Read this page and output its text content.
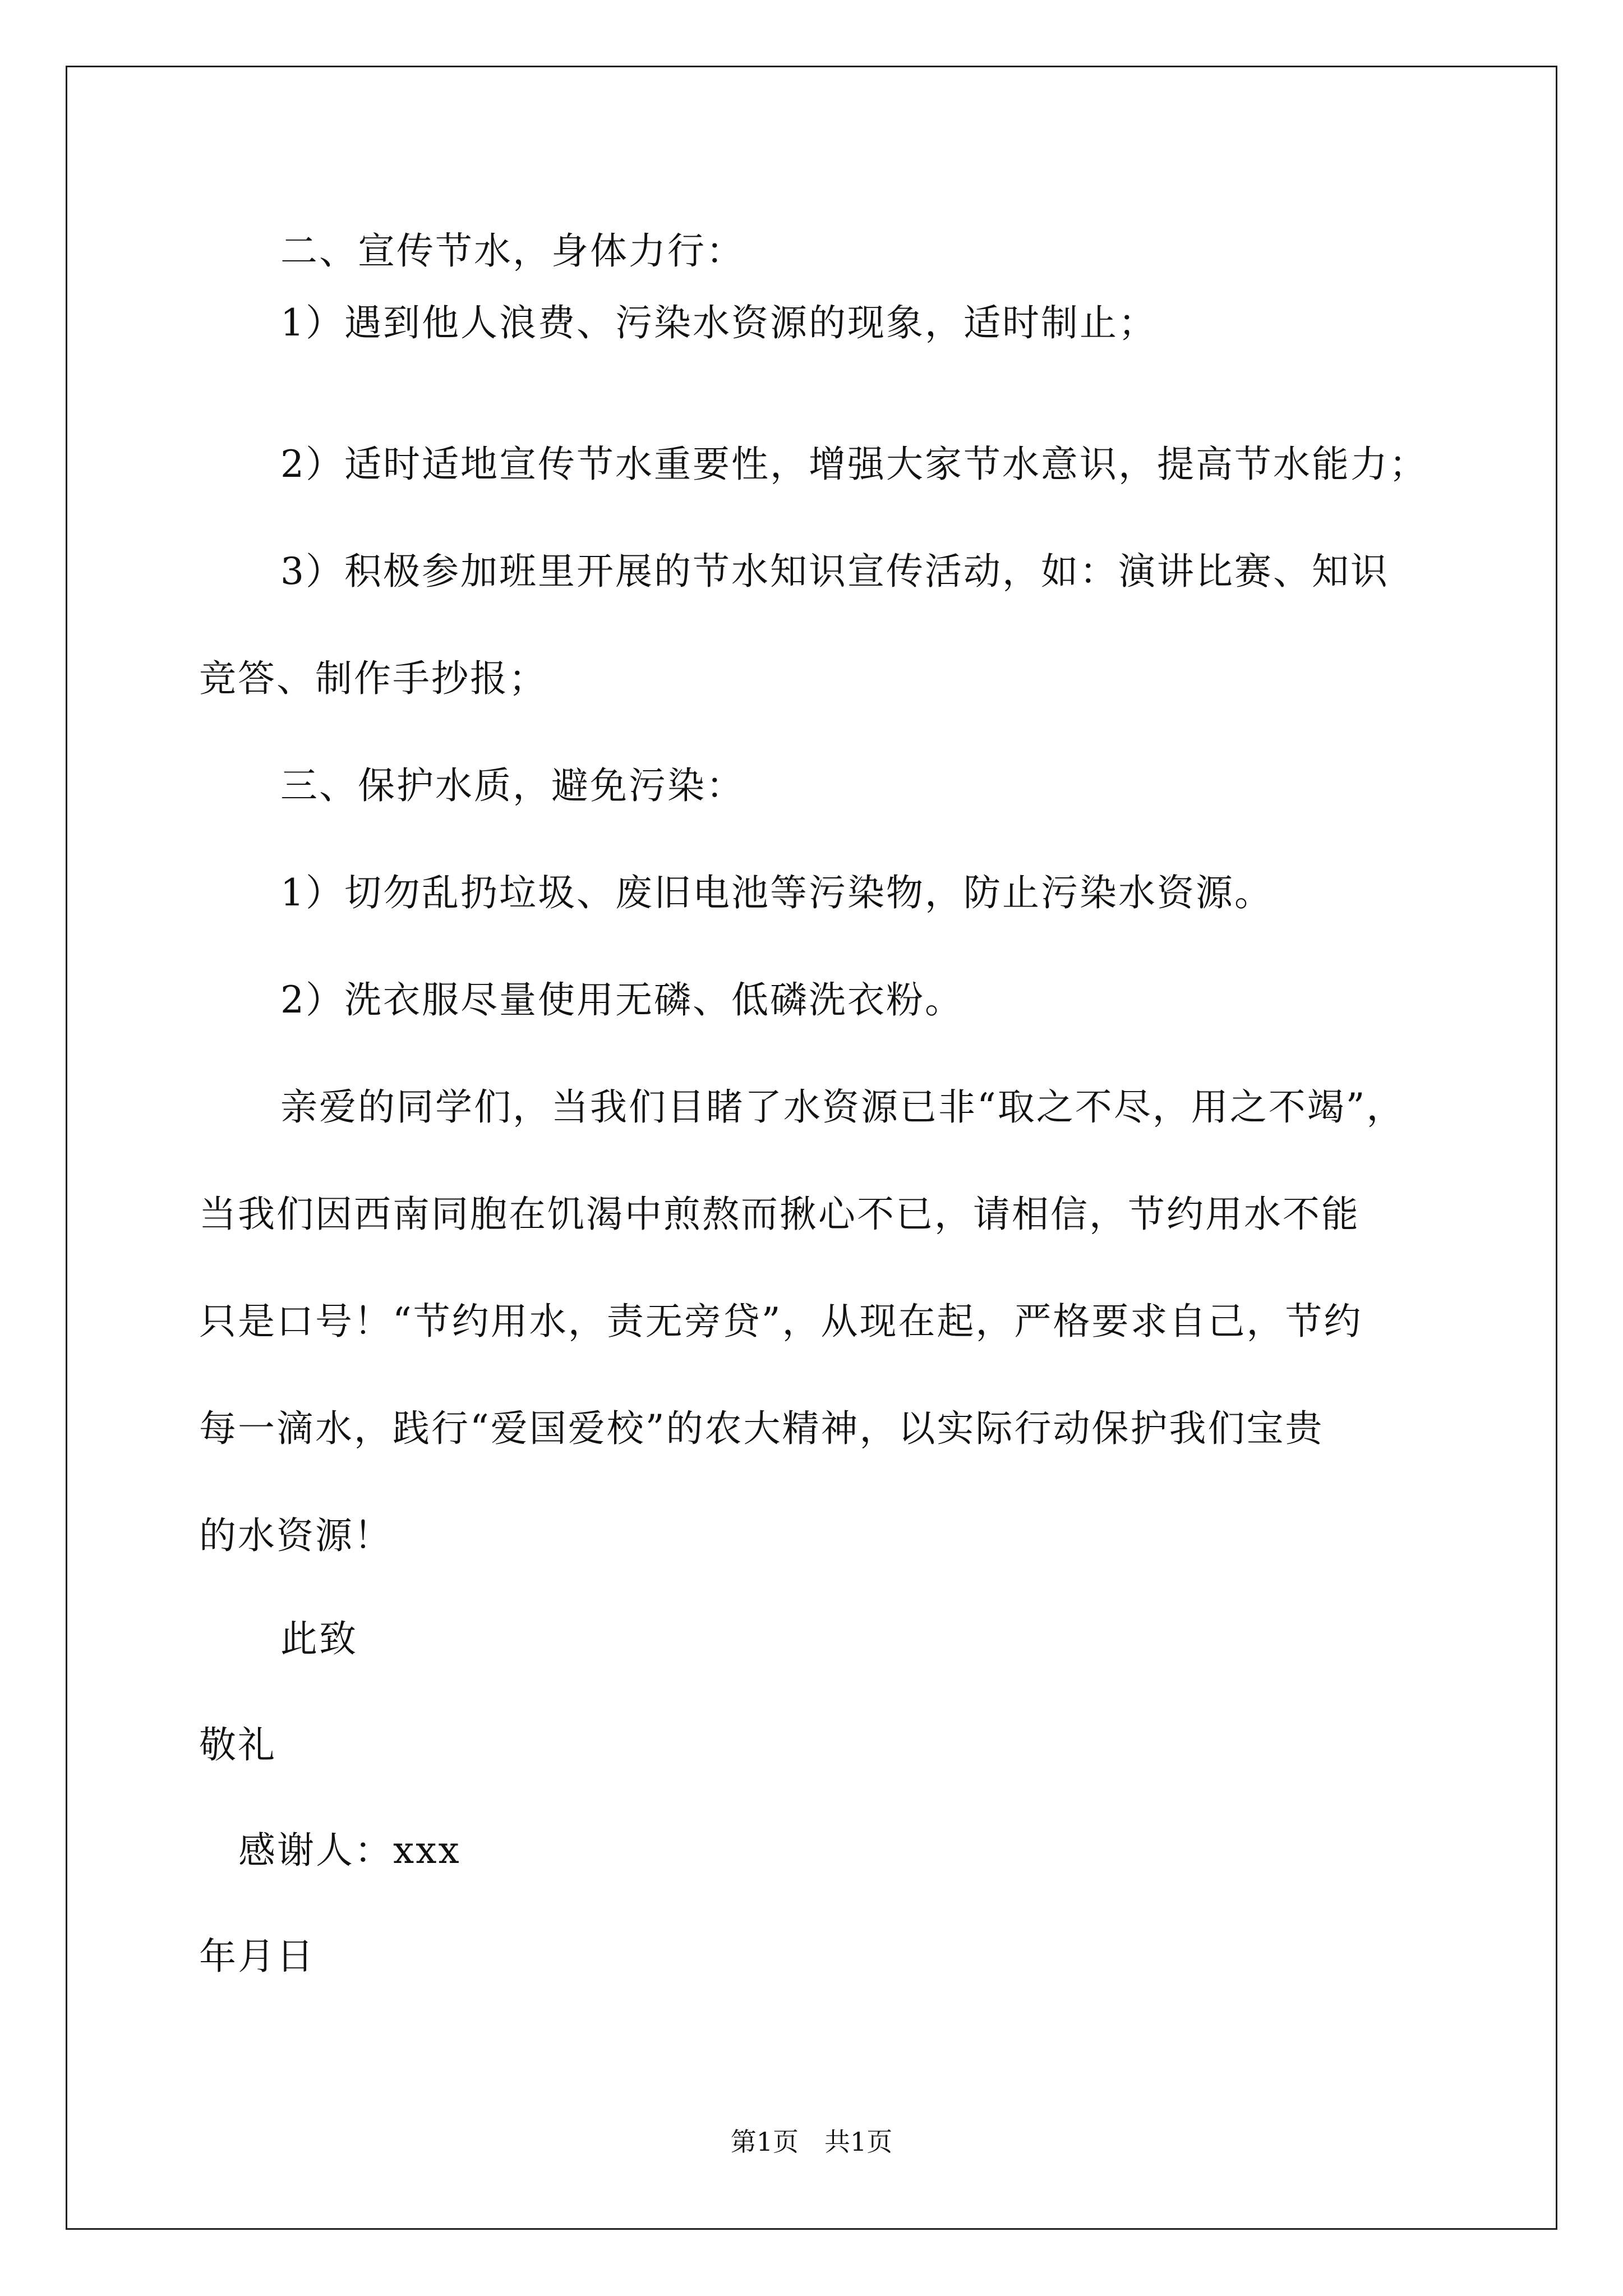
二、宣传节水，身体力行：
1）遇到他人浪费、污染水资源的现象，适时制止；
2）适时适地宣传节水重要性，增强大家节水意识，提高节水能力；
3）积极参加班里开展的节水知识宣传活动，如：演讲比赛、知识
竞答、制作手抄报；
三、保护水质，避免污染：
1）切勿乱扔垃圾、废旧电池等污染物，防止污染水资源。
2）洗衣服尽量使用无磷、低磷洗衣粉。
亲爱的同学们，当我们目睹了水资源已非“取之不尽，用之不竭”，
当我们因西南同胞在饥渴中煎熬而揪心不已，请相信，节约用水不能
只是口号！“节约用水，责无旁贷”，从现在起，严格要求自己，节约
每一滴水，践行“爱国爱校”的农大精神，以实际行动保护我们宝贵
的水资源！
此致
敬礼
感谢人：xxx
年月日
第1页　共1页
